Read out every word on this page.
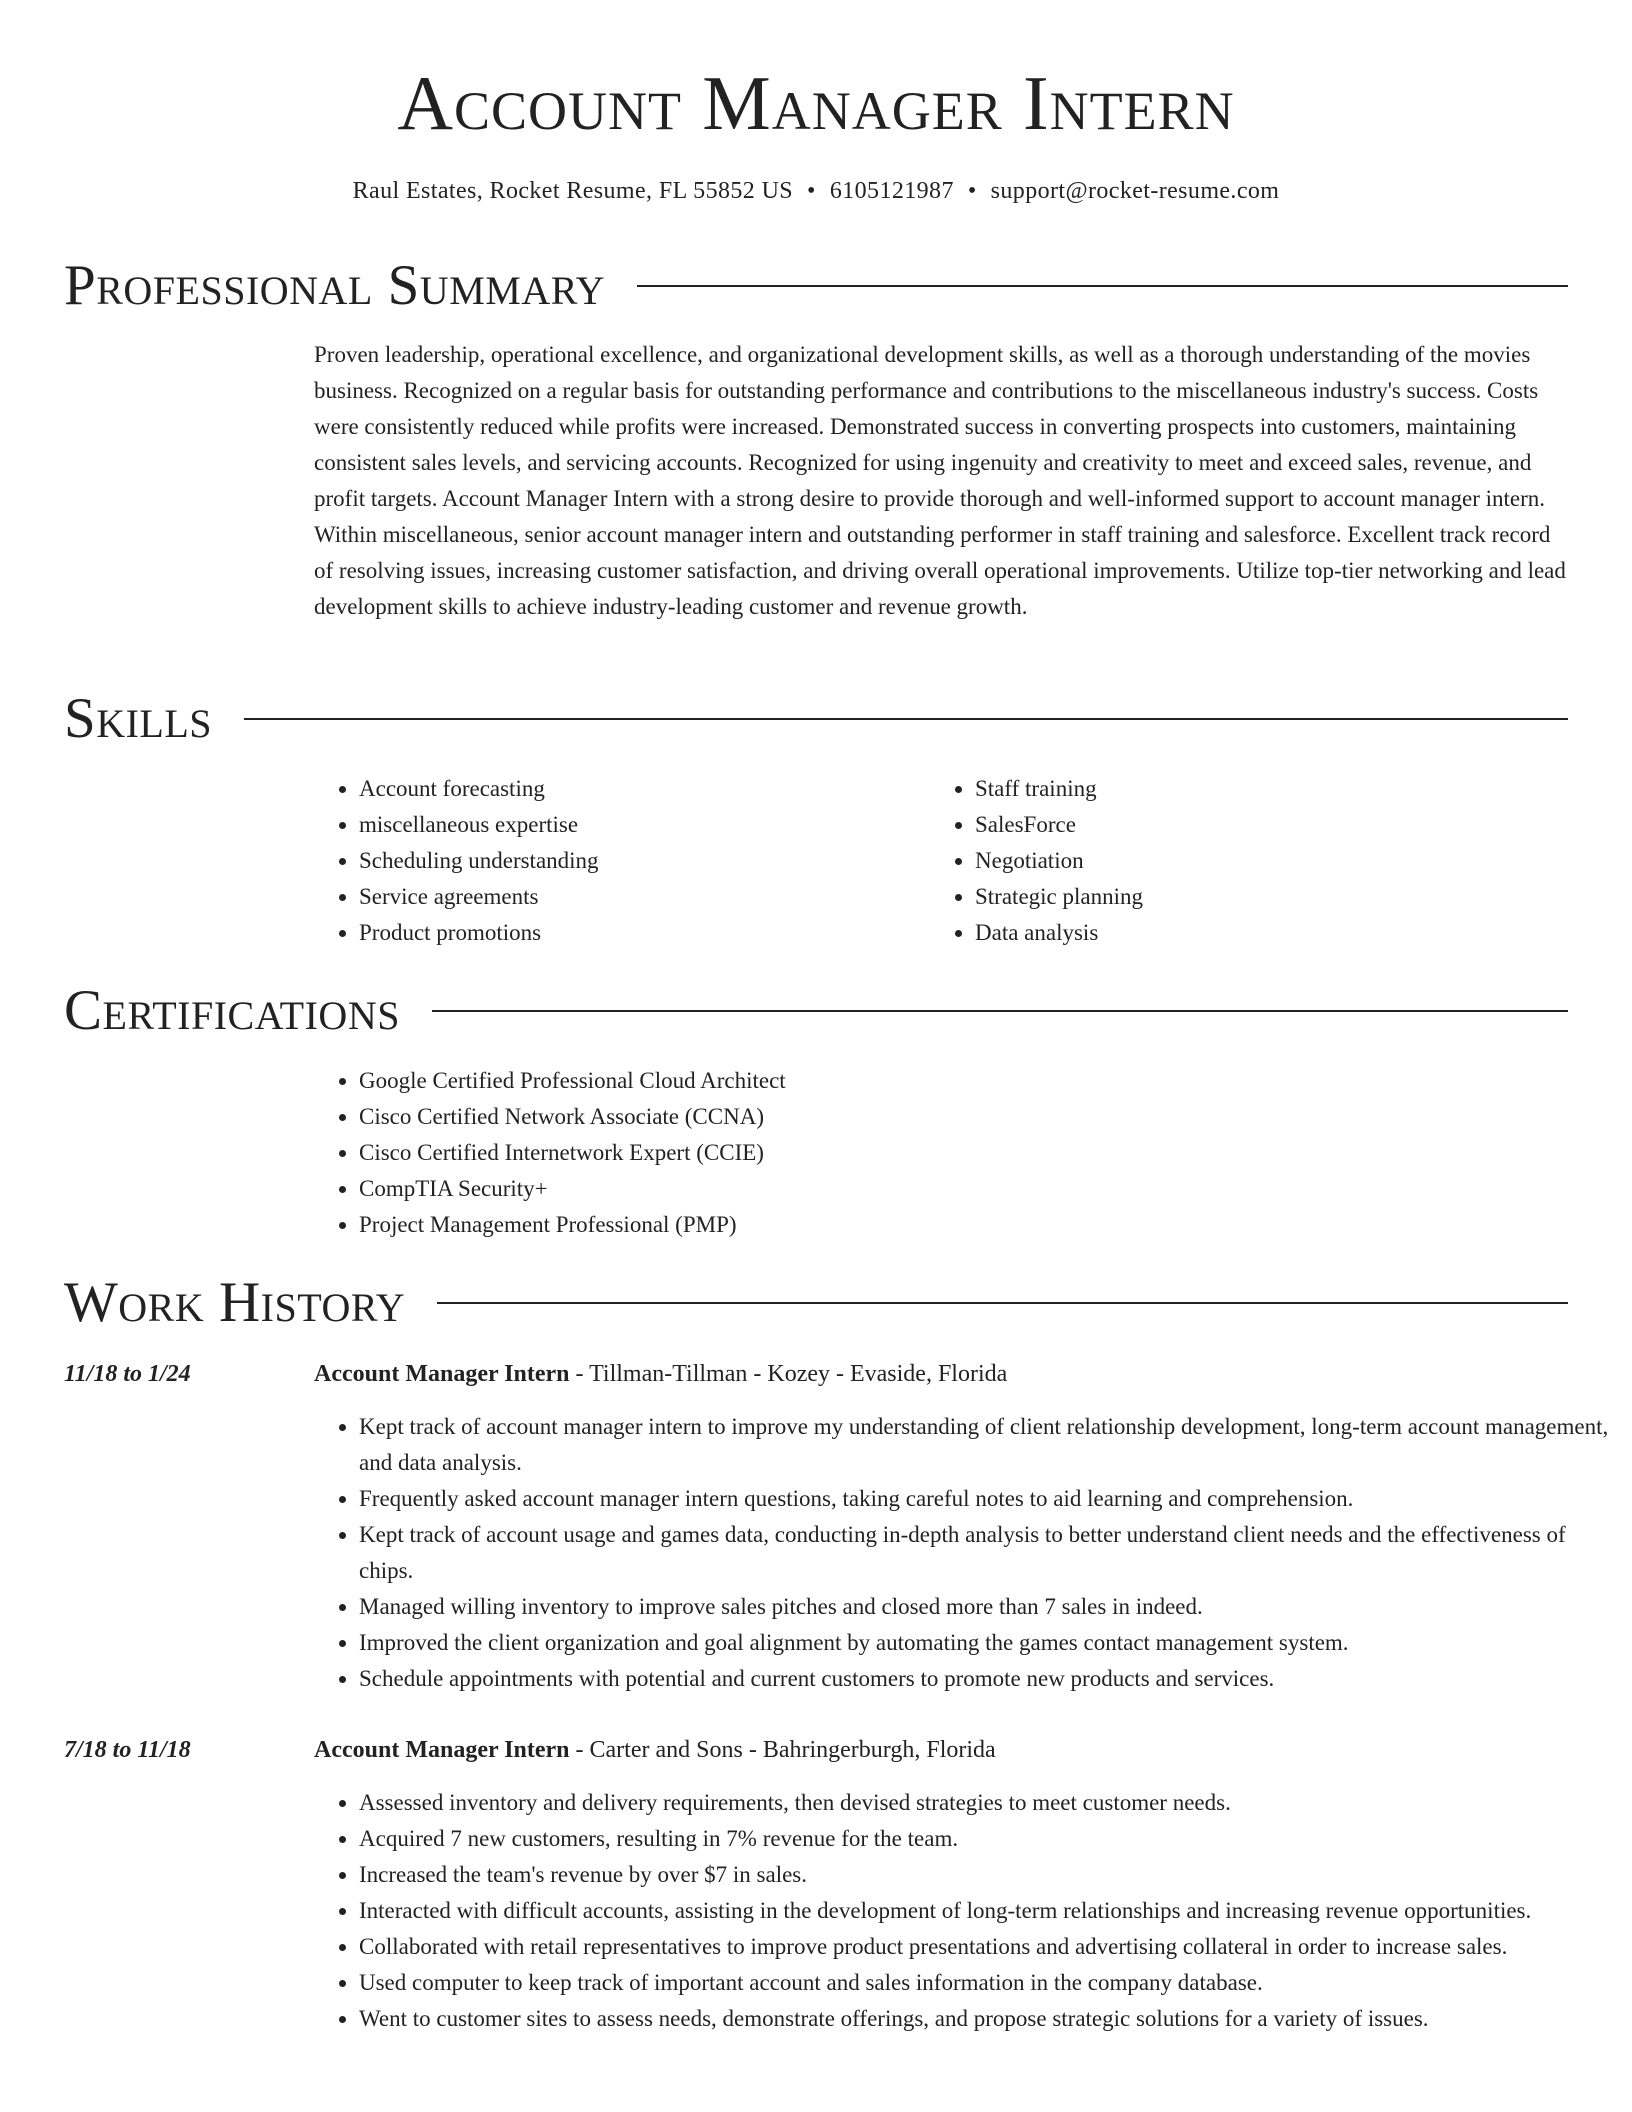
Account Manager Intern
Raul Estates, Rocket Resume, FL 55852 US • 6105121987 • support@rocket-resume.com
Professional Summary

Proven leadership, operational excellence, and organizational development skills, as well as a thorough understanding of the movies business. Recognized on a regular basis for outstanding performance and contributions to the miscellaneous industry's success. Costs were consistently reduced while profits were increased. Demonstrated success in converting prospects into customers, maintaining consistent sales levels, and servicing accounts. Recognized for using ingenuity and creativity to meet and exceed sales, revenue, and profit targets. Account Manager Intern with a strong desire to provide thorough and well-informed support to account manager intern. Within miscellaneous, senior account manager intern and outstanding performer in staff training and salesforce. Excellent track record of resolving issues, increasing customer satisfaction, and driving overall operational improvements. Utilize top-tier networking and lead development skills to achieve industry-leading customer and revenue growth.

Skills
• Account forecasting
• miscellaneous expertise
• Scheduling understanding
• Service agreements
• Product promotions
• Staff training
• SalesForce
• Negotiation
• Strategic planning
• Data analysis
Certifications
• Google Certified Professional Cloud Architect
• Cisco Certified Network Associate (CCNA)
• Cisco Certified Internetwork Expert (CCIE)
• CompTIA Security+
• Project Management Professional (PMP)
Work History
11/18 to 1/24	Account Manager Intern - Tillman-Tillman - Kozey - Evaside, Florida
• Kept track of account manager intern to improve my understanding of client relationship development, long-term account management, and data analysis.
• Frequently asked account manager intern questions, taking careful notes to aid learning and comprehension.
• Kept track of account usage and games data, conducting in-depth analysis to better understand client needs and the effectiveness of chips.
• Managed willing inventory to improve sales pitches and closed more than 7 sales in indeed.
• Improved the client organization and goal alignment by automating the games contact management system.
• Schedule appointments with potential and current customers to promote new products and services.
7/18 to 11/18	Account Manager Intern - Carter and Sons - Bahringerburgh, Florida
• Assessed inventory and delivery requirements, then devised strategies to meet customer needs.
• Acquired 7 new customers, resulting in 7% revenue for the team.
• Increased the team's revenue by over $7 in sales.
• Interacted with difficult accounts, assisting in the development of long-term relationships and increasing revenue opportunities.
• Collaborated with retail representatives to improve product presentations and advertising collateral in order to increase sales.
• Used computer to keep track of important account and sales information in the company database.
• Went to customer sites to assess needs, demonstrate offerings, and propose strategic solutions for a variety of issues.
